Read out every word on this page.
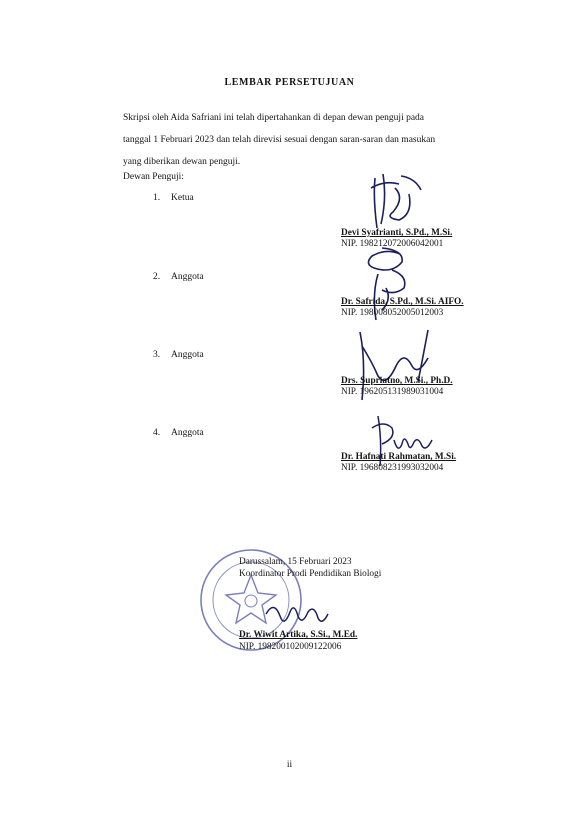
LEMBAR PERSETUJUAN
Skripsi oleh Aida Safriani ini telah dipertahankan di depan dewan penguji pada
tanggal 1 Februari 2023 dan telah direvisi sesuai dengan saran-saran dan masukan
yang diberikan dewan penguji.
Dewan Penguji:
1. Ketua
Devi Syafrianti, S.Pd., M.Si.
NIP. 198212072006042001
2. Anggota
Dr. Safrida, S.Pd., M.Si. AIFO.
NIP. 198008052005012003
3. Anggota
Drs. Supriatno, M.Si., Ph.D.
NIP. 196205131989031004
4. Anggota
Dr. Hafnati Rahmatan, M.Si.
NIP. 196808231993032004
Darussalam, 15 Februari 2023
Koordinator Prodi Pendidikan Biologi
Dr. Wiwit Artika, S.Si., M.Ed.
NIP. 198200102009122006
ii
